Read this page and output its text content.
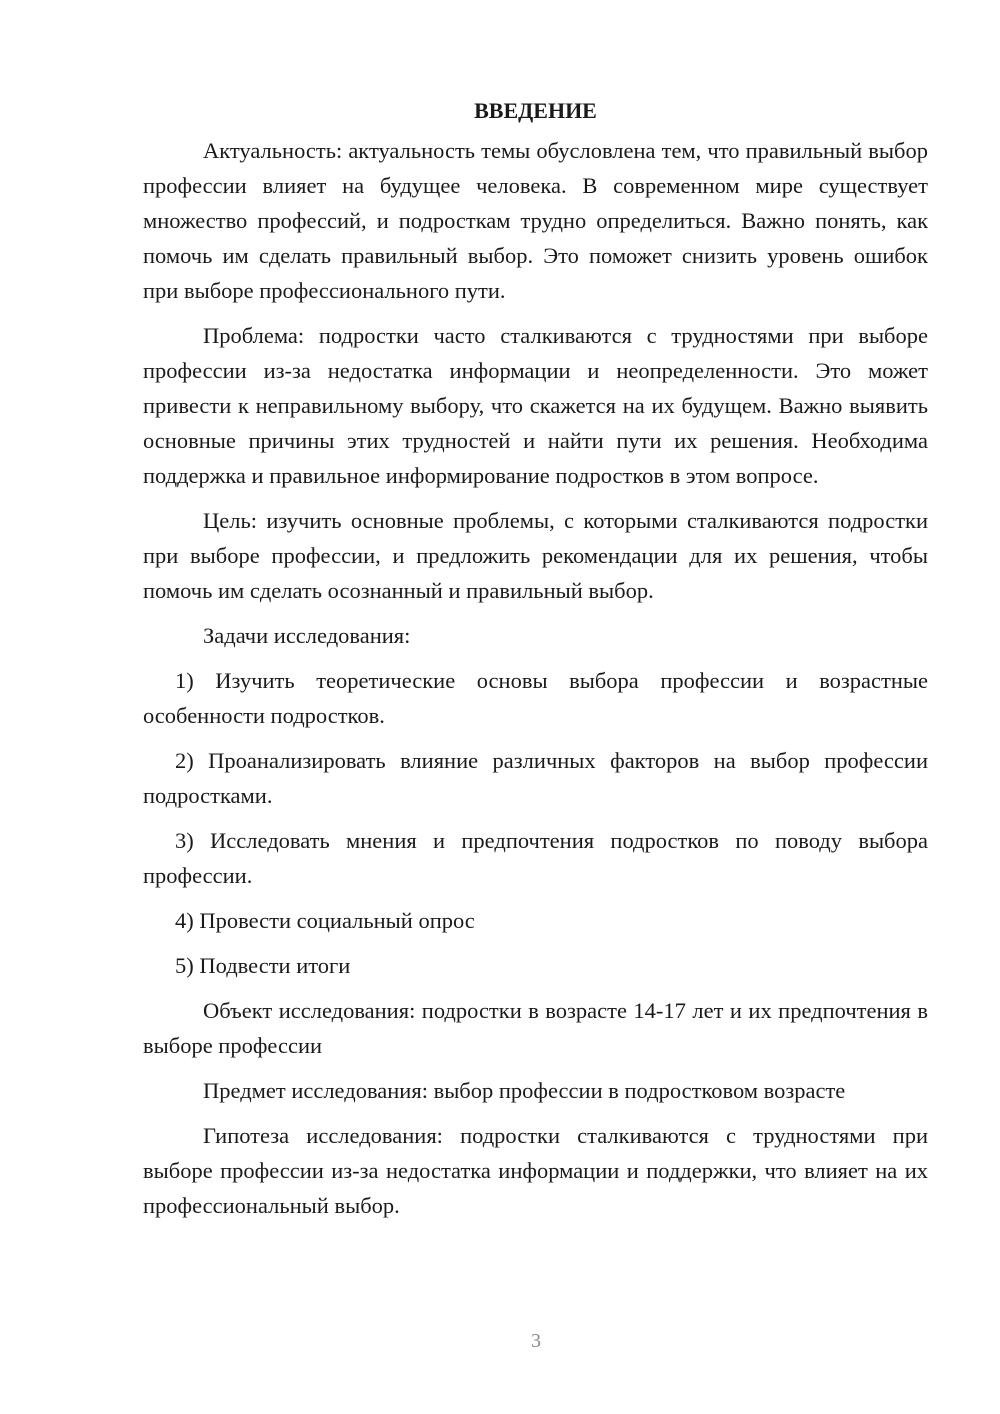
ВВЕДЕНИЕ

Актуальность: актуальность темы обусловлена тем, что правильный выбор профессии влияет на будущее человека. В современном мире существует множество профессий, и подросткам трудно определиться. Важно понять, как помочь им сделать правильный выбор. Это поможет снизить уровень ошибок при выборе профессионального пути.

Проблема: подростки часто сталкиваются с трудностями при выборе профессии из-за недостатка информации и неопределенности. Это может привести к неправильному выбору, что скажется на их будущем. Важно выявить основные причины этих трудностей и найти пути их решения. Необходима поддержка и правильное информирование подростков в этом вопросе.

Цель: изучить основные проблемы, с которыми сталкиваются подростки при выборе профессии, и предложить рекомендации для их решения, чтобы помочь им сделать осознанный и правильный выбор.

Задачи исследования:

1) Изучить теоретические основы выбора профессии и возрастные особенности подростков.

2) Проанализировать влияние различных факторов на выбор профессии подростками.

3) Исследовать мнения и предпочтения подростков по поводу выбора профессии.

4) Провести социальный опрос

5) Подвести итоги

Объект исследования: подростки в возрасте 14-17 лет и их предпочтения в выборе профессии

Предмет исследования: выбор профессии в подростковом возрасте

Гипотеза исследования: подростки сталкиваются с трудностями при выборе профессии из-за недостатка информации и поддержки, что влияет на их профессиональный выбор.

3
